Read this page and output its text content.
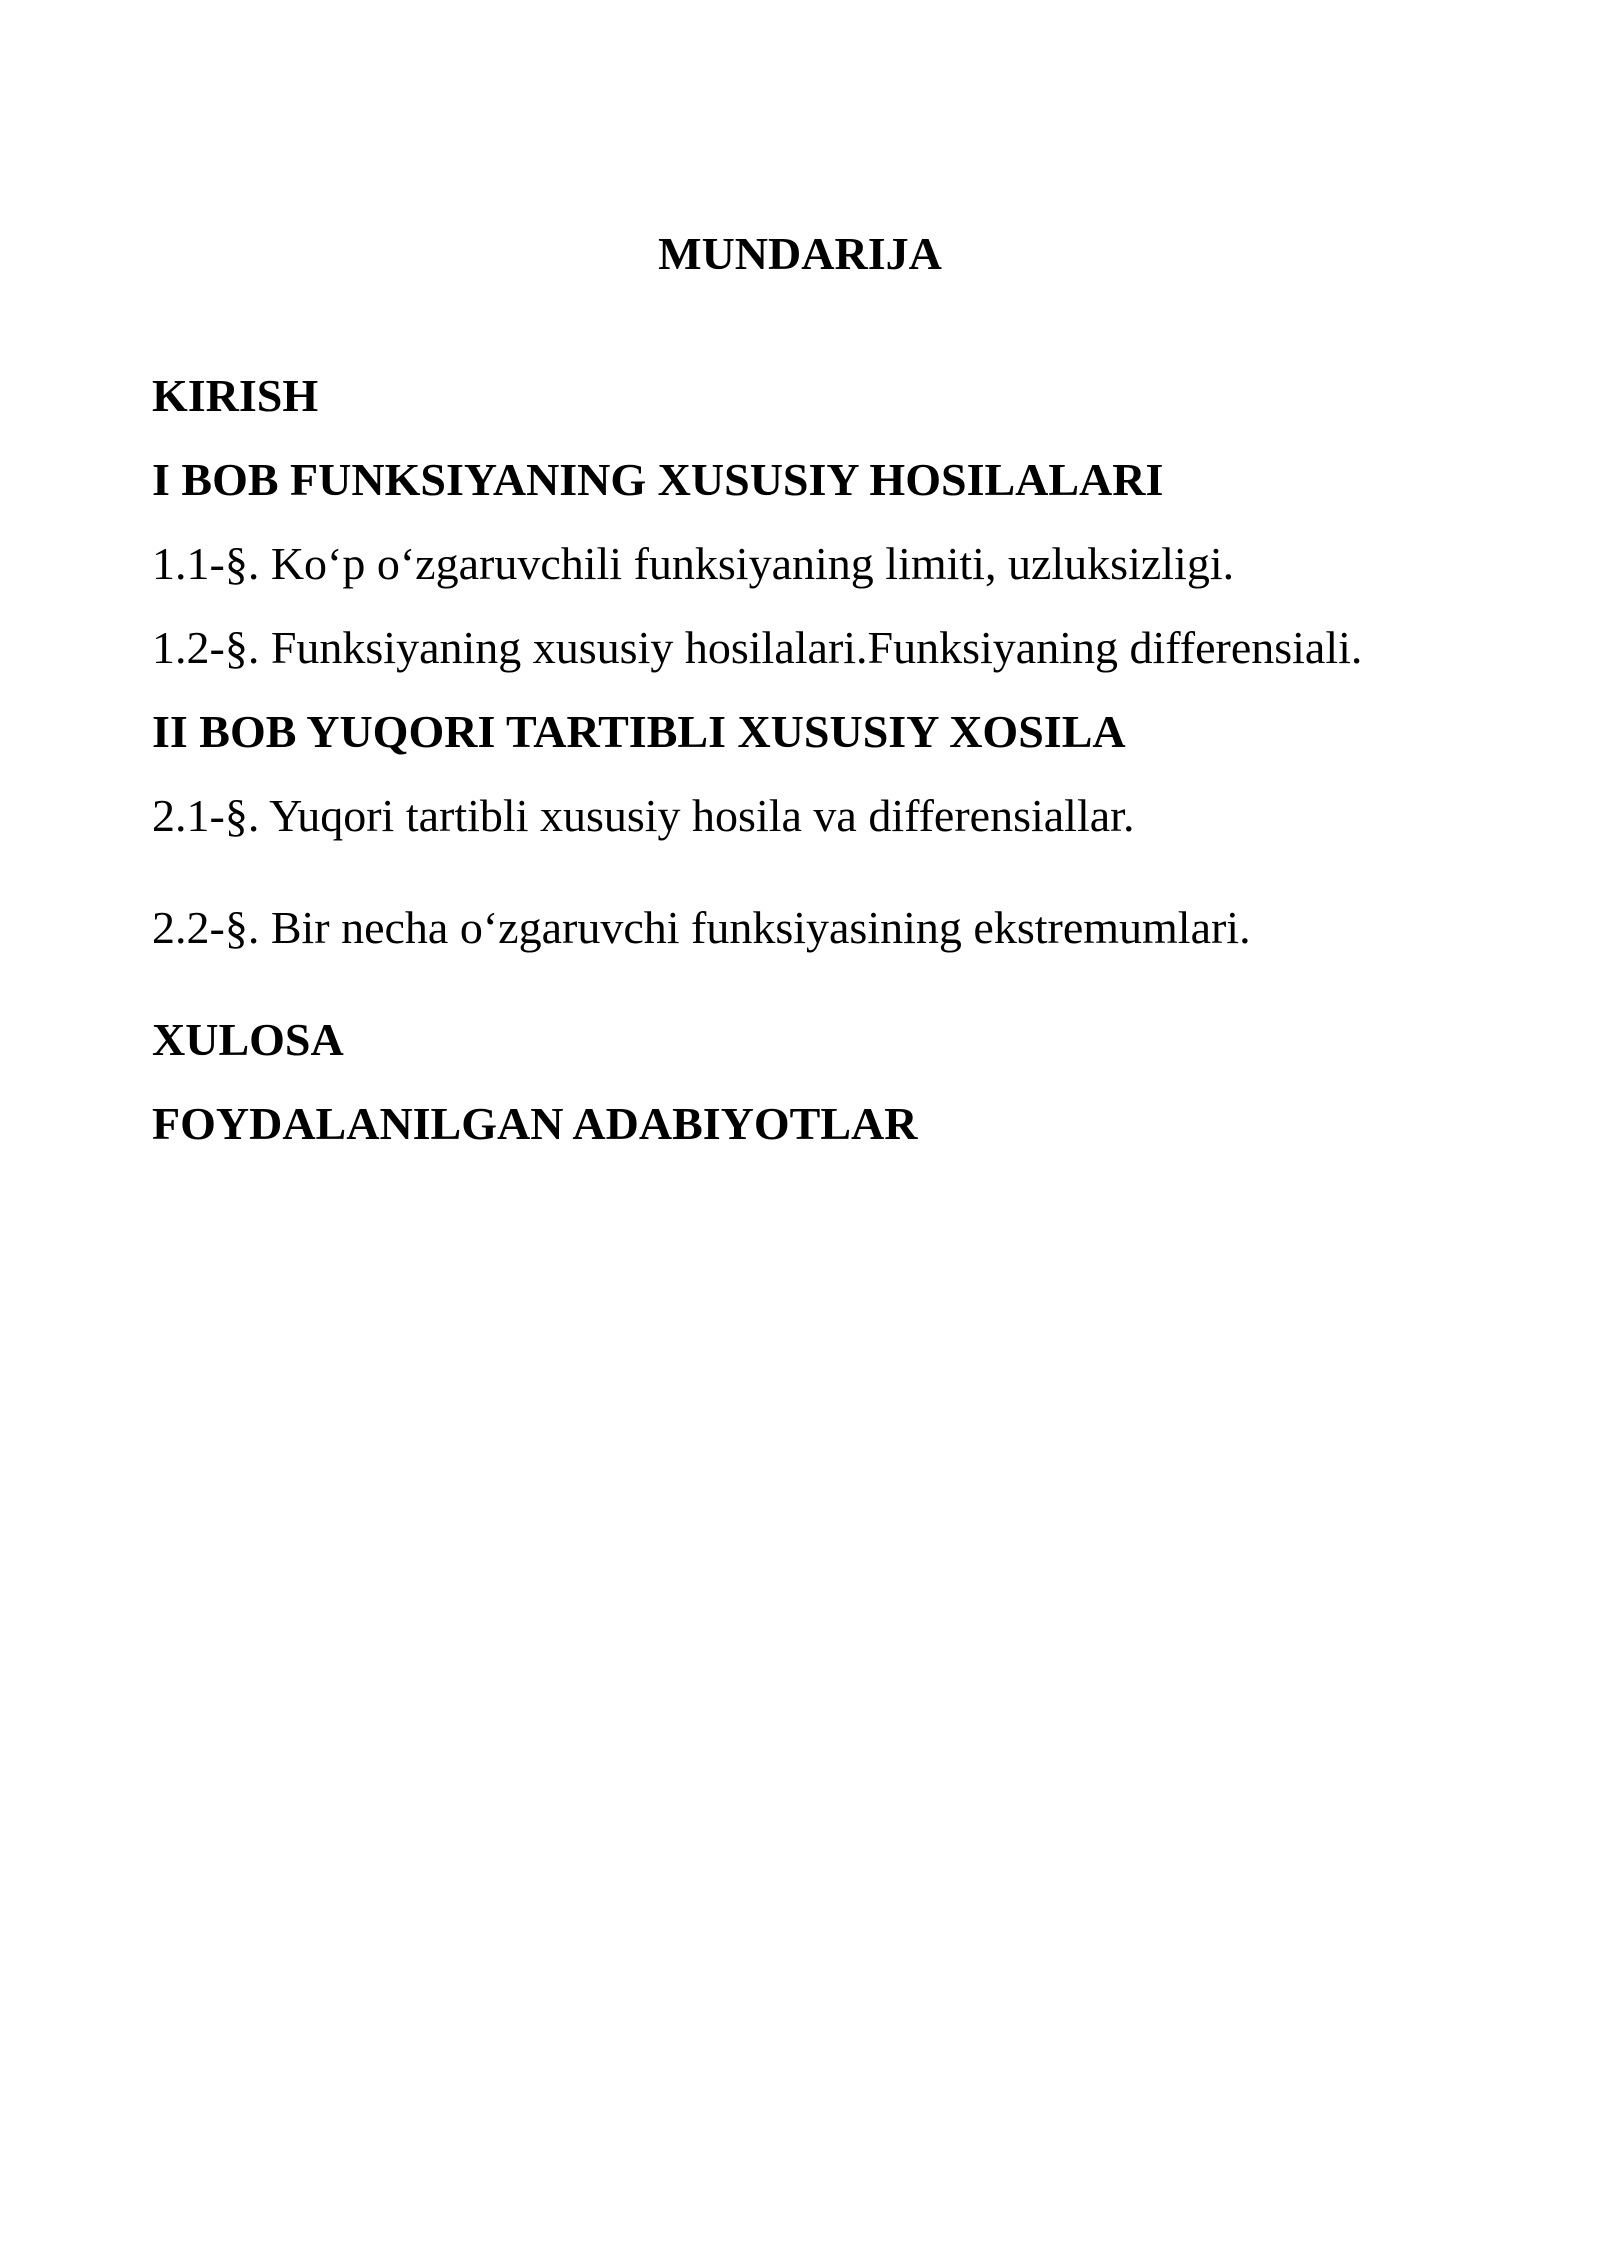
MUNDARIJA
KIRISH
I BOB FUNKSIYANING XUSUSIY HOSILALARI
1.1-§. Ko‘p o‘zgaruvchili funksiyaning limiti, uzluksizligi.
1.2-§. Funksiyaning xususiy hosilalari.Funksiyaning differensiali.
II BOB YUQORI TARTIBLI XUSUSIY XOSILA
2.1-§. Yuqori tartibli xususiy hosila va differensiallar.
2.2-§. Bir necha o‘zgaruvchi funksiyasining ekstremumlari.
XULOSA
FOYDALANILGAN ADABIYOTLAR
